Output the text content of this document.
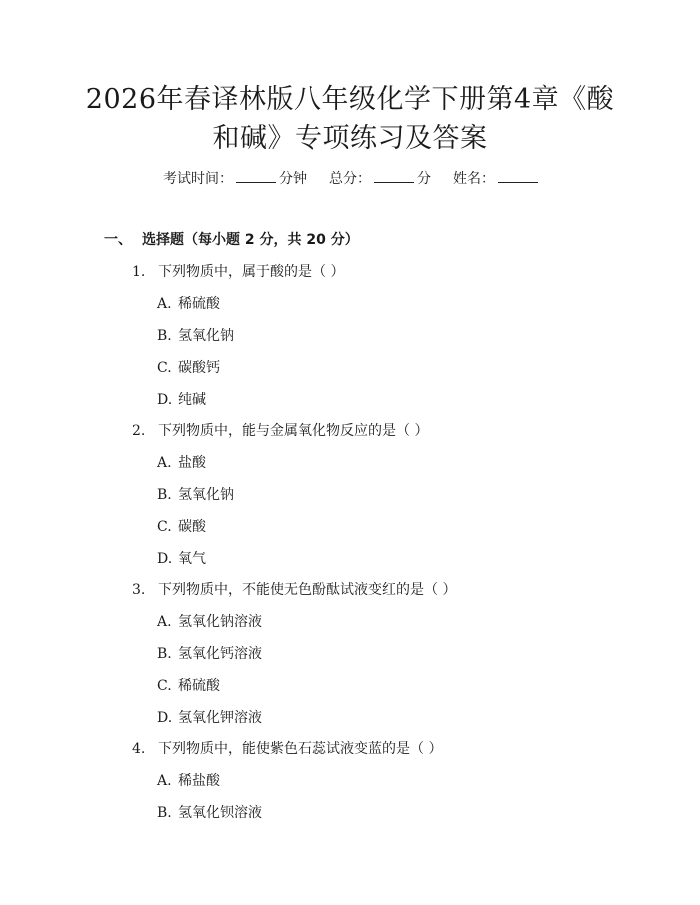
2026年春译林版八年级化学下册第4章《酸
和碱》专项练习及答案
考试时间：	分钟 总分：	分 姓名：
一、 选择题（每小题 2 分，共 20 分）
1. 下列物质中，属于酸的是（ ）
A. 稀硫酸
B. 氢氧化钠
C. 碳酸钙
D. 纯碱
2. 下列物质中，能与金属氧化物反应的是（ ）
A. 盐酸
B. 氢氧化钠
C. 碳酸
D. 氧气
3. 下列物质中，不能使无色酚酞试液变红的是（ ）
A. 氢氧化钠溶液
B. 氢氧化钙溶液
C. 稀硫酸
D. 氢氧化钾溶液
4. 下列物质中，能使紫色石蕊试液变蓝的是（ ）
A. 稀盐酸
B. 氢氧化钡溶液
